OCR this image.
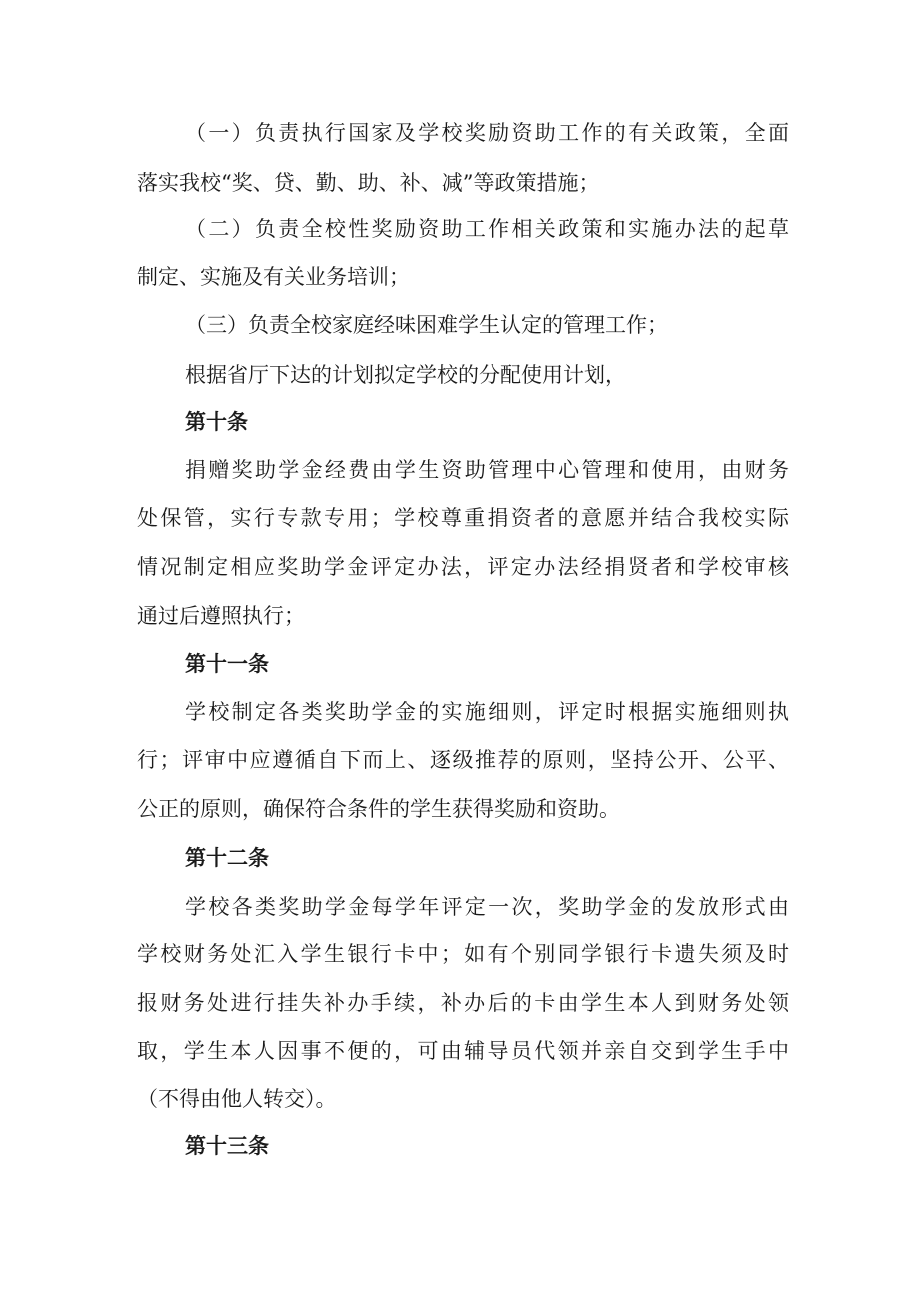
（一）负责执行国家及学校奖励资助工作的有关政策，全面
落实我校“奖、贷、勤、助、补、减”等政策措施；
（二）负责全校性奖励资助工作相关政策和实施办法的起草
制定、实施及有关业务培训；
（三）负责全校家庭经味困难学生认定的管理工作；
根据省厅下达的计划拟定学校的分配使用计划，
第十条
捐赠奖助学金经费由学生资助管理中心管理和使用，由财务
处保管，实行专款专用；学校尊重捐资者的意愿并结合我校实际
情况制定相应奖助学金评定办法，评定办法经捐贤者和学校审核
通过后遵照执行；
第十一条
学校制定各类奖助学金的实施细则，评定时根据实施细则执
行；评审中应遵循自下而上、逐级推荐的原则，坚持公开、公平、
公正的原则，确保符合条件的学生获得奖励和资助。
第十二条
学校各类奖助学金每学年评定一次，奖助学金的发放形式由
学校财务处汇入学生银行卡中；如有个别同学银行卡遗失须及时
报财务处进行挂失补办手续，补办后的卡由学生本人到财务处领
取，学生本人因事不便的，可由辅导员代领并亲自交到学生手中
（不得由他人转交）。
第十三条
